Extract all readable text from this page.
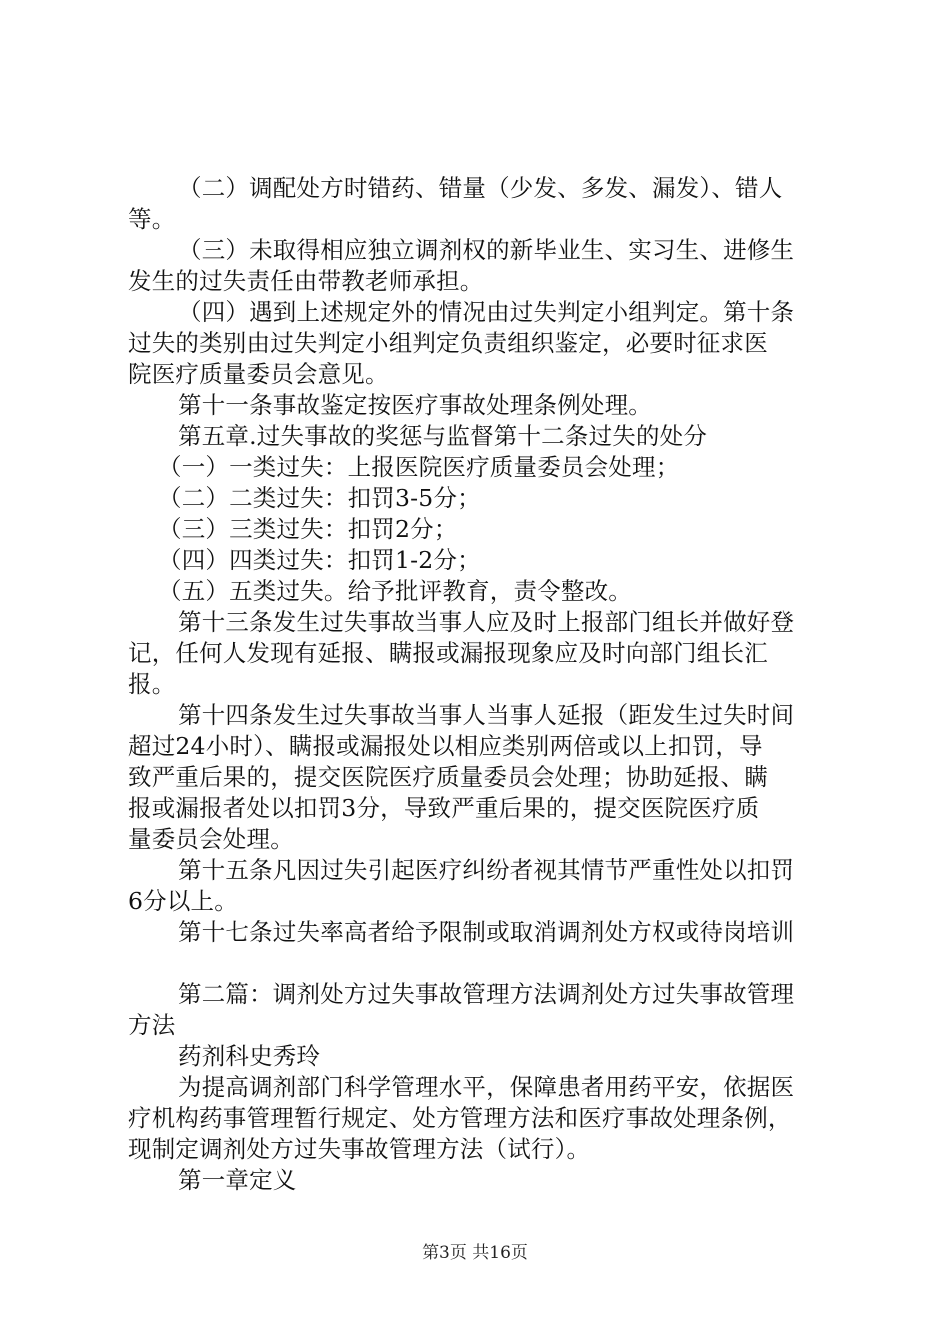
（二）调配处方时错药、错量（少发、多发、漏发）、错人
等。
（三）未取得相应独立调剂权的新毕业生、实习生、进修生
发生的过失责任由带教老师承担。
（四）遇到上述规定外的情况由过失判定小组判定。第十条
过失的类别由过失判定小组判定负责组织鉴定，必要时征求医
院医疗质量委员会意见。
第十一条事故鉴定按医疗事故处理条例处理。
第五章.过失事故的奖惩与监督第十二条过失的处分
（一）一类过失：上报医院医疗质量委员会处理；
（二）二类过失：扣罚3-5分；
（三）三类过失：扣罚2分；
（四）四类过失：扣罚1-2分；
（五）五类过失。给予批评教育，责令整改。
第十三条发生过失事故当事人应及时上报部门组长并做好登
记，任何人发现有延报、瞒报或漏报现象应及时向部门组长汇
报。
第十四条发生过失事故当事人当事人延报（距发生过失时间
超过24小时）、瞒报或漏报处以相应类别两倍或以上扣罚，导
致严重后果的，提交医院医疗质量委员会处理；协助延报、瞒
报或漏报者处以扣罚3分，导致严重后果的，提交医院医疗质
量委员会处理。
第十五条凡因过失引起医疗纠纷者视其情节严重性处以扣罚
6分以上。
第十七条过失率高者给予限制或取消调剂处方权或待岗培训
第二篇：调剂处方过失事故管理方法调剂处方过失事故管理
方法
药剂科史秀玲
为提高调剂部门科学管理水平，保障患者用药平安，依据医
疗机构药事管理暂行规定、处方管理方法和医疗事故处理条例，
现制定调剂处方过失事故管理方法（试行）。
第一章定义
第3页 共16页
